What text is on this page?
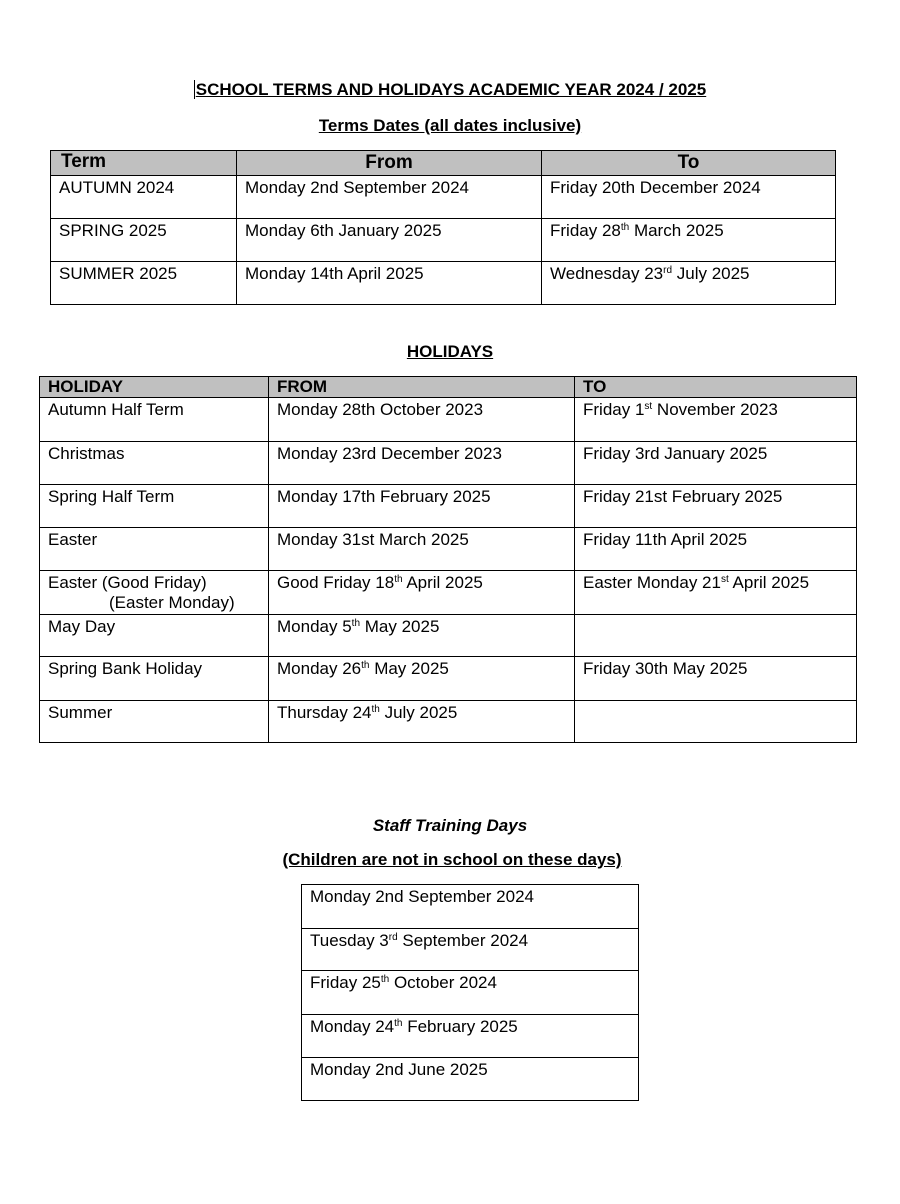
SCHOOL TERMS AND HOLIDAYS ACADEMIC YEAR 2024 / 2025
Terms Dates (all dates inclusive)
Term	From	To
AUTUMN 2024	Monday 2nd September 2024	Friday 20th December 2024
SPRING 2025	Monday 6th January 2025	Friday 28th March 2025
SUMMER 2025	Monday 14th April 2025	Wednesday 23rd July 2025
HOLIDAYS
HOLIDAY	FROM	TO
Autumn Half Term	Monday 28th October 2023	Friday 1st November 2023
Christmas	Monday 23rd December 2023	Friday 3rd January 2025
Spring Half Term	Monday 17th February 2025	Friday 21st February 2025
Easter	Monday 31st March 2025	Friday 11th April 2025
Easter (Good Friday)
(Easter Monday)	Good Friday 18th April 2025	Easter Monday 21st April 2025
May Day	Monday 5th May 2025	
Spring Bank Holiday	Monday 26th May 2025	Friday 30th May 2025
Summer	Thursday 24th July 2025	
Staff Training Days
(Children are not in school on these days)
Monday 2nd September 2024
Tuesday 3rd September 2024
Friday 25th October 2024
Monday 24th February 2025
Monday 2nd June 2025
